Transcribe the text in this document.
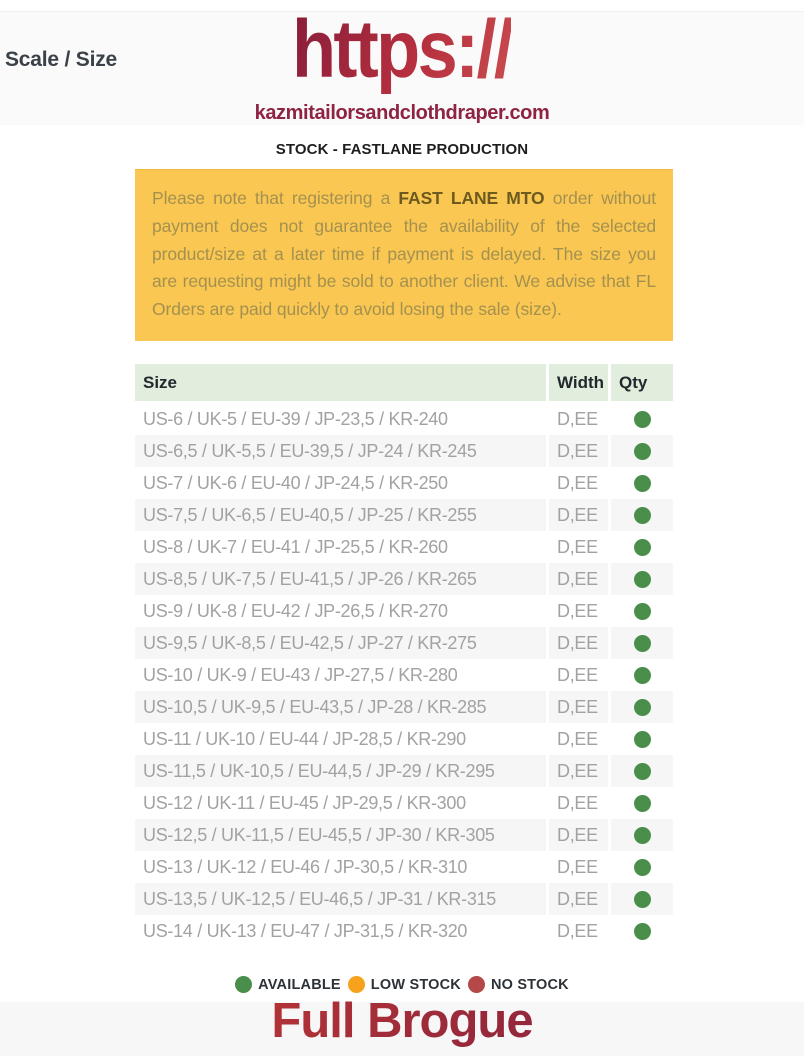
Scale / Size	https://
kazmitailorsandclothdraper.com
STOCK - FASTLANE PRODUCTION
Please note that registering a FAST LANE MTO order without payment does not guarantee the availability of the selected product/size at a later time if payment is delayed. The size you are requesting might be sold to another client. We advise that FL Orders are paid quickly to avoid losing the sale (size).
Size	Width Qty
US-6 / UK-5 / EU-39 / JP-23,5 / KR-240	D,EE
US-6,5 / UK-5,5 / EU-39,5 / JP-24 / KR-245	D,EE
US-7 / UK-6 / EU-40 / JP-24,5 / KR-250	D,EE
US-7,5 / UK-6,5 / EU-40,5 / JP-25 / KR-255	D,EE
US-8 / UK-7 / EU-41 / JP-25,5 / KR-260	D,EE
US-8,5 / UK-7,5 / EU-41,5 / JP-26 / KR-265	D,EE
US-9 / UK-8 / EU-42 / JP-26,5 / KR-270	D,EE
US-9,5 / UK-8,5 / EU-42,5 / JP-27 / KR-275	D,EE
US-10 / UK-9 / EU-43 / JP-27,5 / KR-280	D,EE
US-10,5 / UK-9,5 / EU-43,5 / JP-28 / KR-285	D,EE
US-11 / UK-10 / EU-44 / JP-28,5 / KR-290	D,EE
US-11,5 / UK-10,5 / EU-44,5 / JP-29 / KR-295	D,EE
US-12 / UK-11 / EU-45 / JP-29,5 / KR-300	D,EE
US-12,5 / UK-11,5 / EU-45,5 / JP-30 / KR-305	D,EE
US-13 / UK-12 / EU-46 / JP-30,5 / KR-310	D,EE
US-13,5 / UK-12,5 / EU-46,5 / JP-31 / KR-315	D,EE
US-14 / UK-13 / EU-47 / JP-31,5 / KR-320	D,EE
AVAILABLE LOW STOCK NO STOCK
Full Brogue
